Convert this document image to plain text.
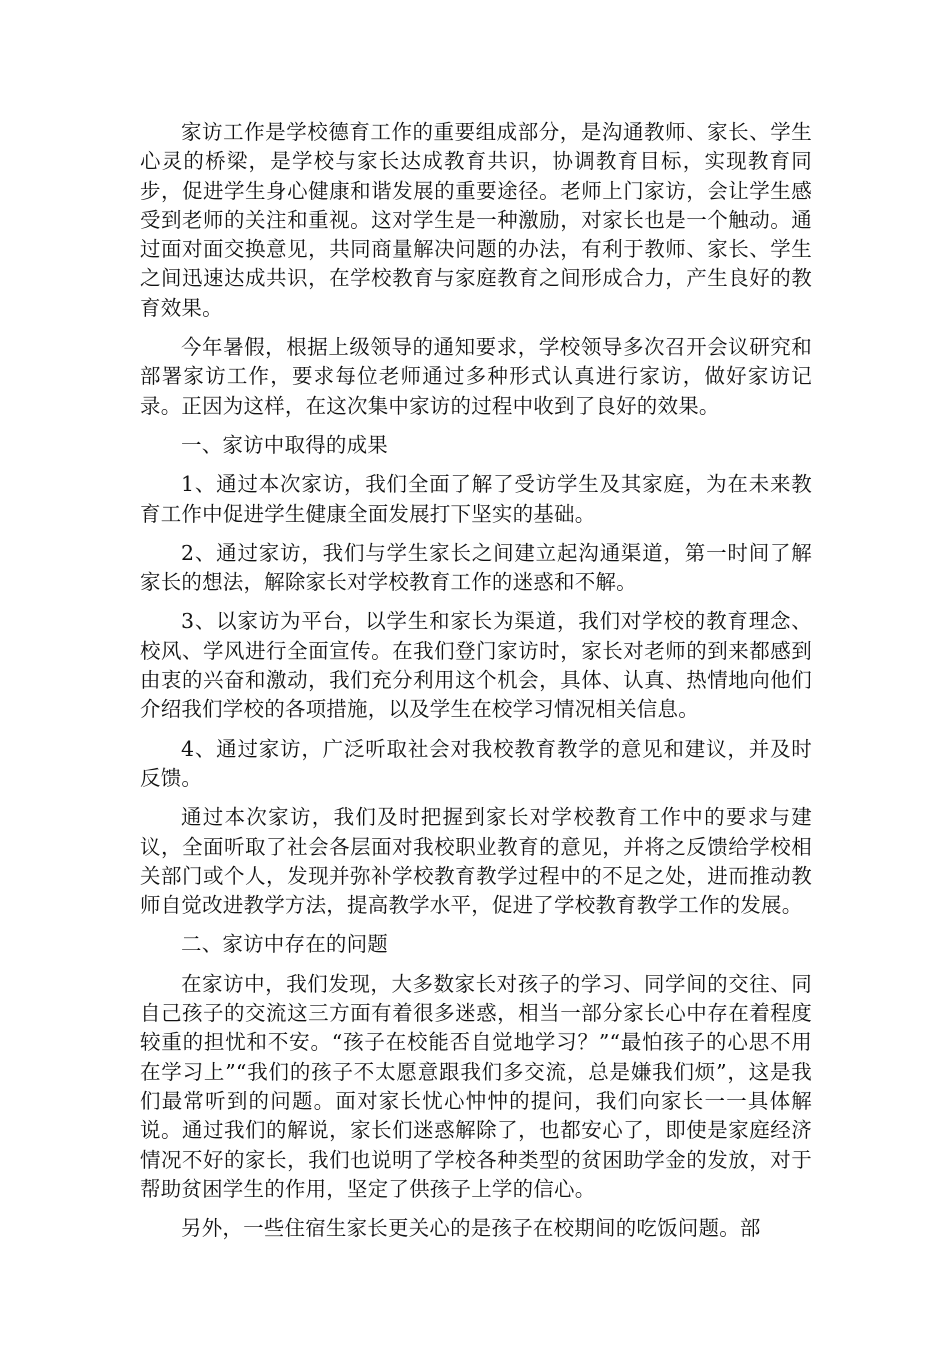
家访工作是学校德育工作的重要组成部分，是沟通教师、家长、学生心灵的桥梁，是学校与家长达成教育共识，协调教育目标，实现教育同步，促进学生身心健康和谐发展的重要途径。老师上门家访，会让学生感受到老师的关注和重视。这对学生是一种激励，对家长也是一个触动。通过面对面交换意见，共同商量解决问题的办法，有利于教师、家长、学生之间迅速达成共识，在学校教育与家庭教育之间形成合力，产生良好的教育效果。

今年暑假，根据上级领导的通知要求，学校领导多次召开会议研究和部署家访工作，要求每位老师通过多种形式认真进行家访，做好家访记录。正因为这样，在这次集中家访的过程中收到了良好的效果。

一、家访中取得的成果

1、通过本次家访，我们全面了解了受访学生及其家庭，为在未来教育工作中促进学生健康全面发展打下坚实的基础。

2、通过家访，我们与学生家长之间建立起沟通渠道，第一时间了解家长的想法，解除家长对学校教育工作的迷惑和不解。

3、以家访为平台，以学生和家长为渠道，我们对学校的教育理念、校风、学风进行全面宣传。在我们登门家访时，家长对老师的到来都感到由衷的兴奋和激动，我们充分利用这个机会，具体、认真、热情地向他们介绍我们学校的各项措施，以及学生在校学习情况相关信息。

4、通过家访，广泛听取社会对我校教育教学的意见和建议，并及时反馈。

通过本次家访，我们及时把握到家长对学校教育工作中的要求与建议，全面听取了社会各层面对我校职业教育的意见，并将之反馈给学校相关部门或个人，发现并弥补学校教育教学过程中的不足之处，进而推动教师自觉改进教学方法，提高教学水平，促进了学校教育教学工作的发展。

二、家访中存在的问题

在家访中，我们发现，大多数家长对孩子的学习、同学间的交往、同自己孩子的交流这三方面有着很多迷惑，相当一部分家长心中存在着程度较重的担忧和不安。“孩子在校能否自觉地学习？”“最怕孩子的心思不用在学习上”“我们的孩子不太愿意跟我们多交流，总是嫌我们烦”，这是我们最常听到的问题。面对家长忧心忡忡的提问，我们向家长一一具体解说。通过我们的解说，家长们迷惑解除了，也都安心了，即使是家庭经济情况不好的家长，我们也说明了学校各种类型的贫困助学金的发放，对于帮助贫困学生的作用，坚定了供孩子上学的信心。

另外，一些住宿生家长更关心的是孩子在校期间的吃饭问题。部
